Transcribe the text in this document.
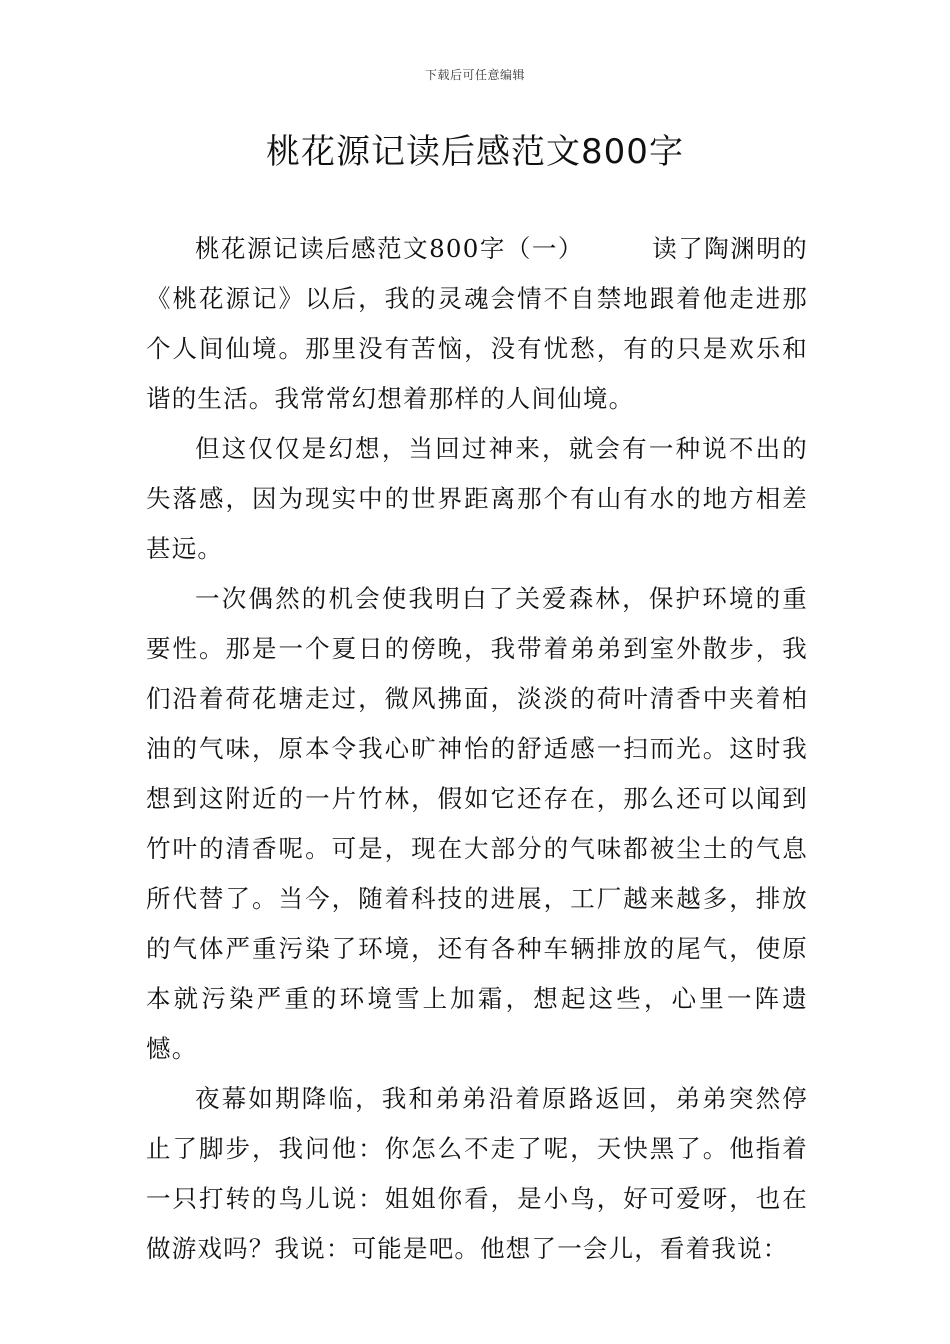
下载后可任意编辑
桃花源记读后感范文800字

桃花源记读后感范文800字（一）	读了陶渊明的《桃花源记》以后，我的灵魂会情不自禁地跟着他走进那个人间仙境。那里没有苦恼，没有忧愁，有的只是欢乐和谐的生活。我常常幻想着那样的人间仙境。

但这仅仅是幻想，当回过神来，就会有一种说不出的失落感，因为现实中的世界距离那个有山有水的地方相差甚远。

一次偶然的机会使我明白了关爱森林，保护环境的重要性。那是一个夏日的傍晚，我带着弟弟到室外散步，我们沿着荷花塘走过，微风拂面，淡淡的荷叶清香中夹着柏油的气味，原本令我心旷神怡的舒适感一扫而光。这时我想到这附近的一片竹林，假如它还存在，那么还可以闻到竹叶的清香呢。可是，现在大部分的气味都被尘土的气息所代替了。当今，随着科技的进展，工厂越来越多，排放的气体严重污染了环境，还有各种车辆排放的尾气，使原本就污染严重的环境雪上加霜，想起这些，心里一阵遗憾。

夜幕如期降临，我和弟弟沿着原路返回，弟弟突然停止了脚步，我问他：你怎么不走了呢，天快黑了。他指着一只打转的鸟儿说：姐姐你看，是小鸟，好可爱呀，也在做游戏吗？我说：可能是吧。他想了一会儿，看着我说：
